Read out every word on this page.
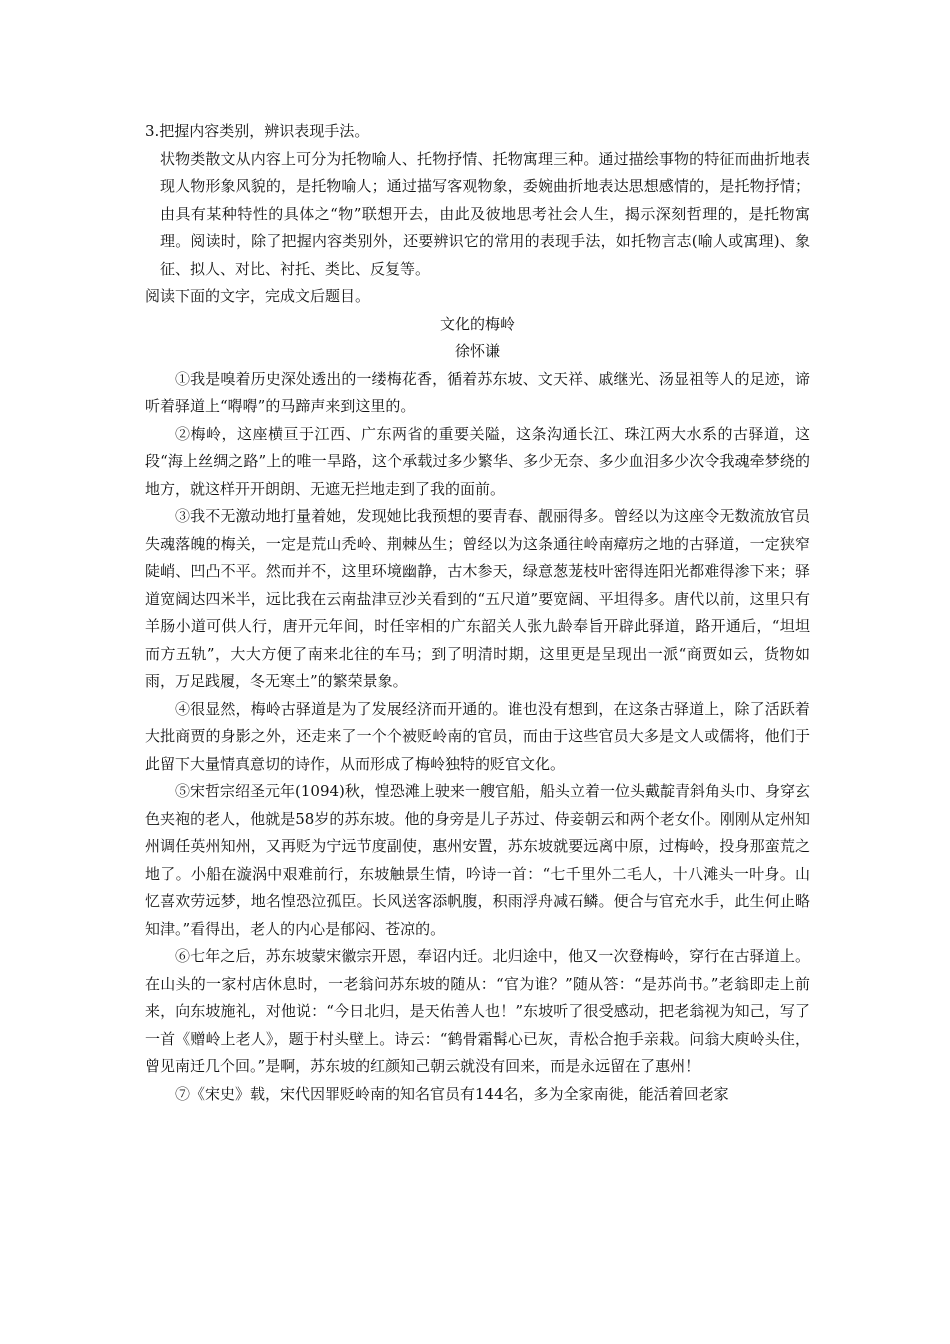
3.把握内容类别，辨识表现手法。

状物类散文从内容上可分为托物喻人、托物抒情、托物寓理三种。通过描绘事物的特征而曲折地表现人物形象风貌的，是托物喻人；通过描写客观物象，委婉曲折地表达思想感情的，是托物抒情；由具有某种特性的具体之“物”联想开去，由此及彼地思考社会人生，揭示深刻哲理的，是托物寓理。阅读时，除了把握内容类别外，还要辨识它的常用的表现手法，如托物言志(喻人或寓理)、象征、拟人、对比、衬托、类比、反复等。

阅读下面的文字，完成文后题目。

文化的梅岭

徐怀谦

①我是嗅着历史深处透出的一缕梅花香，循着苏东坡、文天祥、戚继光、汤显祖等人的足迹，谛听着驿道上“嘚嘚”的马蹄声来到这里的。

②梅岭，这座横亘于江西、广东两省的重要关隘，这条沟通长江、珠江两大水系的古驿道，这段“海上丝绸之路”上的唯一旱路，这个承载过多少繁华、多少无奈、多少血泪多少次令我魂牵梦绕的地方，就这样开开朗朗、无遮无拦地走到了我的面前。

③我不无激动地打量着她，发现她比我预想的要青春、靓丽得多。曾经以为这座令无数流放官员失魂落魄的梅关，一定是荒山秃岭、荆棘丛生；曾经以为这条通往岭南瘴疠之地的古驿道，一定狭窄陡峭、凹凸不平。然而并不，这里环境幽静，古木参天，绿意葱茏枝叶密得连阳光都难得渗下来；驿道宽阔达四米半，远比我在云南盐津豆沙关看到的“五尺道”要宽阔、平坦得多。唐代以前，这里只有羊肠小道可供人行，唐开元年间，时任宰相的广东韶关人张九龄奉旨开辟此驿道，路开通后，“坦坦而方五轨”，大大方便了南来北往的车马；到了明清时期，这里更是呈现出一派“商贾如云，货物如雨，万足践履，冬无寒土”的繁荣景象。

④很显然，梅岭古驿道是为了发展经济而开通的。谁也没有想到，在这条古驿道上，除了活跃着大批商贾的身影之外，还走来了一个个被贬岭南的官员，而由于这些官员大多是文人或儒将，他们于此留下大量情真意切的诗作，从而形成了梅岭独特的贬官文化。

⑤宋哲宗绍圣元年(1094)秋，惶恐滩上驶来一艘官船，船头立着一位头戴靛青斜角头巾、身穿玄色夹袍的老人，他就是58岁的苏东坡。他的身旁是儿子苏过、侍妾朝云和两个老女仆。刚刚从定州知州调任英州知州，又再贬为宁远节度副使，惠州安置，苏东坡就要远离中原，过梅岭，投身那蛮荒之地了。小船在漩涡中艰难前行，东坡触景生情，吟诗一首：“七千里外二毛人，十八滩头一叶身。山忆喜欢劳远梦，地名惶恐泣孤臣。长风送客添帆腹，积雨浮舟减石鳞。便合与官充水手，此生何止略知津。”看得出，老人的内心是郁闷、苍凉的。

⑥七年之后，苏东坡蒙宋徽宗开恩，奉诏内迁。北归途中，他又一次登梅岭，穿行在古驿道上。在山头的一家村店休息时，一老翁问苏东坡的随从：“官为谁？”随从答：“是苏尚书。”老翁即走上前来，向东坡施礼，对他说：“今日北归，是天佑善人也！”东坡听了很受感动，把老翁视为知己，写了一首《赠岭上老人》，题于村头壁上。诗云：“鹤骨霜髯心已灰，青松合抱手亲栽。问翁大庾岭头住，曾见南迁几个回。”是啊，苏东坡的红颜知己朝云就没有回来，而是永远留在了惠州！

⑦《宋史》载，宋代因罪贬岭南的知名官员有144名，多为全家南徙，能活着回老家
